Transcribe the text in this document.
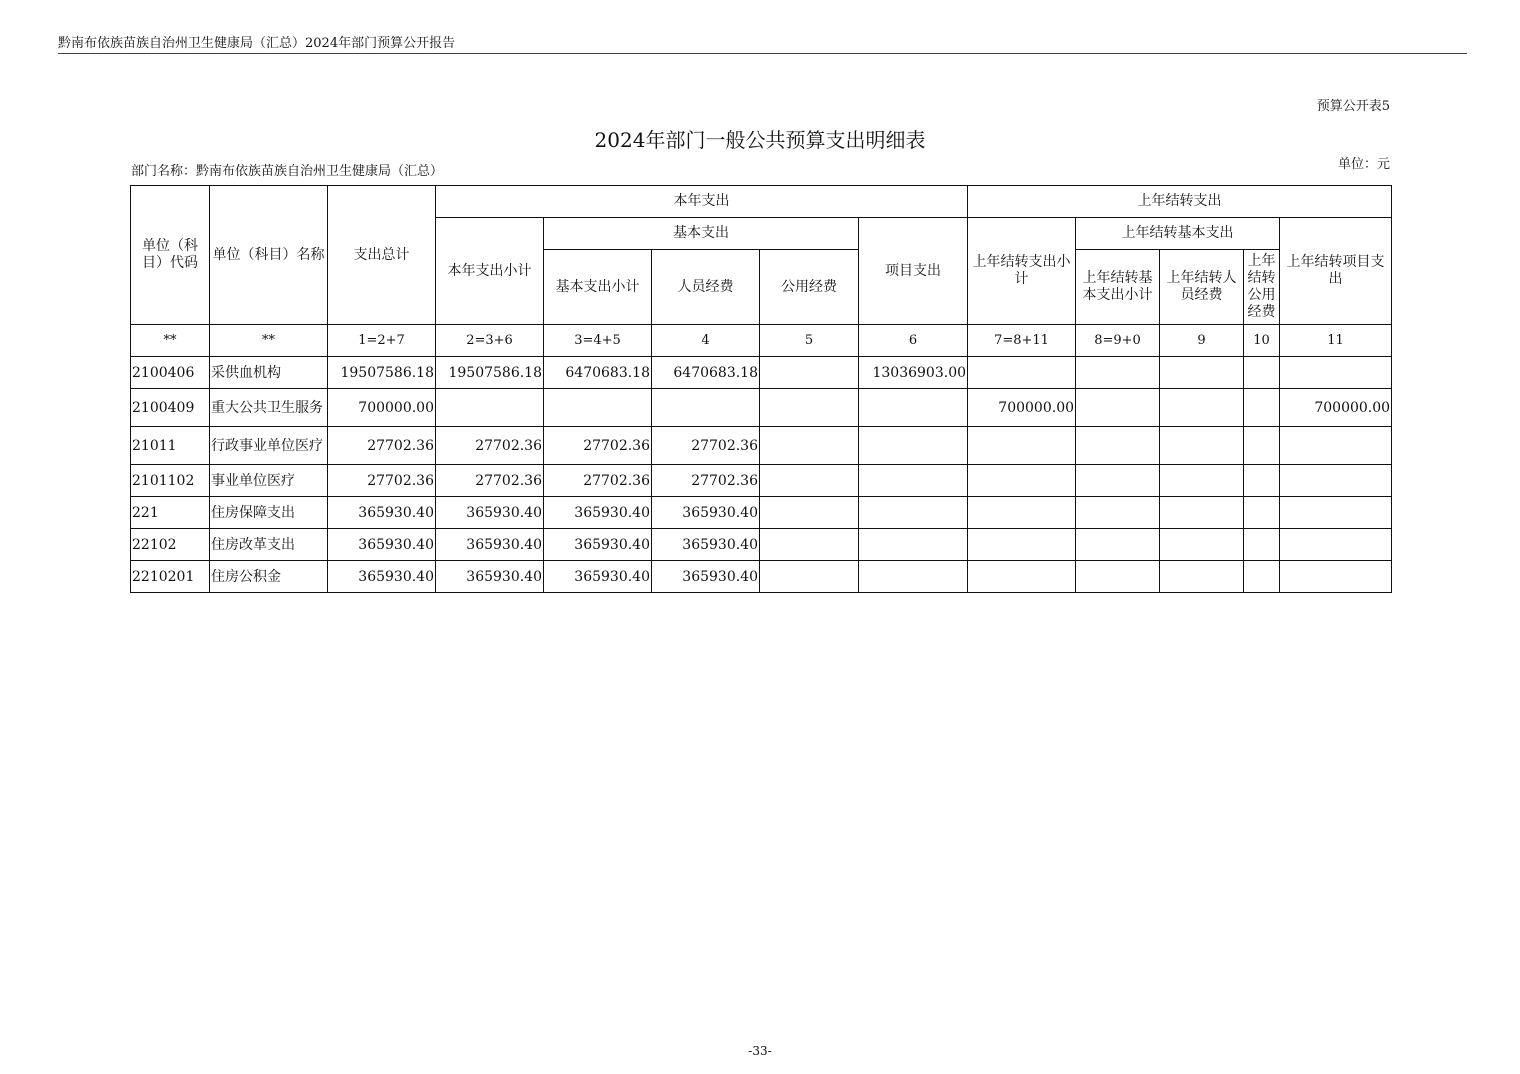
黔南布依族苗族自治州卫生健康局（汇总）2024年部门预算公开报告
预算公开表5
2024年部门一般公共预算支出明细表
部门名称：黔南布依族苗族自治州卫生健康局（汇总）	单位：元
单位（科目）代码	单位（科目）名称	支出总计	本年支出					上年结转支出				
			本年支出小计	基本支出			项目支出	上年结转支出小计	上年结转基本支出			上年结转项目支出
				基本支出小计	人员经费	公用经费			上年结转基本支出小计	上年结转人员经费	上年结转公用经费	
**	**	1=2+7	2=3+6	3=4+5	4	5	6	7=8+11	8=9+0	9	10	11
2100406	采供血机构	19507586.18	19507586.18	6470683.18	6470683.18		13036903.00					
2100409	重大公共卫生服务	700000.00						700000.00				700000.00
21011	行政事业单位医疗	27702.36	27702.36	27702.36	27702.36							
2101102	事业单位医疗	27702.36	27702.36	27702.36	27702.36							
221	住房保障支出	365930.40	365930.40	365930.40	365930.40							
22102	住房改革支出	365930.40	365930.40	365930.40	365930.40							
2210201	住房公积金	365930.40	365930.40	365930.40	365930.40							
-33-
